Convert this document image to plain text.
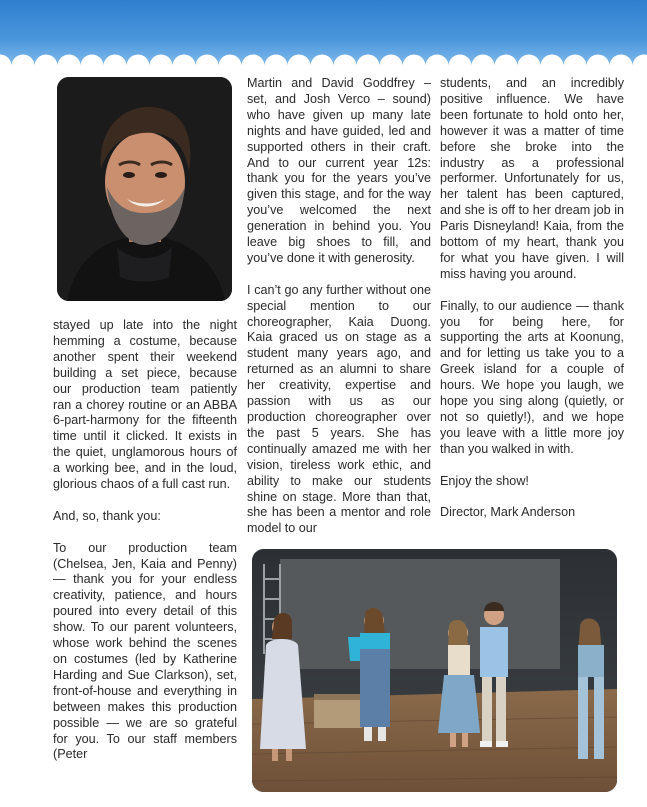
stayed up late into the night hemming a costume, because another spent their weekend building a set piece, because our production team patiently ran a chorey routine or an ABBA 6-part-harmony for the fifteenth time until it clicked. It exists in the quiet, unglamorous hours of a working bee, and in the loud, glorious chaos of a full cast run.

And, so, thank you:

To our production team (Chelsea, Jen, Kaia and Penny) — thank you for your endless creativity, patience, and hours poured into every detail of this show. To our parent volunteers, whose work behind the scenes on costumes (led by Katherine Harding and Sue Clarkson), set, front-of-house and everything in between makes this production possible — we are so grateful for you. To our staff members (Peter

Martin and David Goddfrey – set, and Josh Verco – sound) who have given up many late nights and have guided, led and supported others in their craft. And to our current year 12s: thank you for the years you’ve given this stage, and for the way you’ve welcomed the next generation in behind you. You leave big shoes to fill, and you’ve done it with generosity.

I can’t go any further without one special mention to our choreographer, Kaia Duong. Kaia graced us on stage as a student many years ago, and returned as an alumni to share her creativity, expertise and passion with us as our production choreographer over the past 5 years. She has continually amazed me with her vision, tireless work ethic, and ability to make our students shine on stage. More than that, she has been a mentor and role model to our

students, and an incredibly positive influence. We have been fortunate to hold onto her, however it was a matter of time before she broke into the industry as a professional performer. Unfortunately for us, her talent has been captured, and she is off to her dream job in Paris Disneyland! Kaia, from the bottom of my heart, thank you for what you have given. I will miss having you around.

Finally, to our audience — thank you for being here, for supporting the arts at Koonung, and for letting us take you to a Greek island for a couple of hours. We hope you laugh, we hope you sing along (quietly, or not so quietly!), and we hope you leave with a little more joy than you walked in with.

Enjoy the show!

Director, Mark Anderson
